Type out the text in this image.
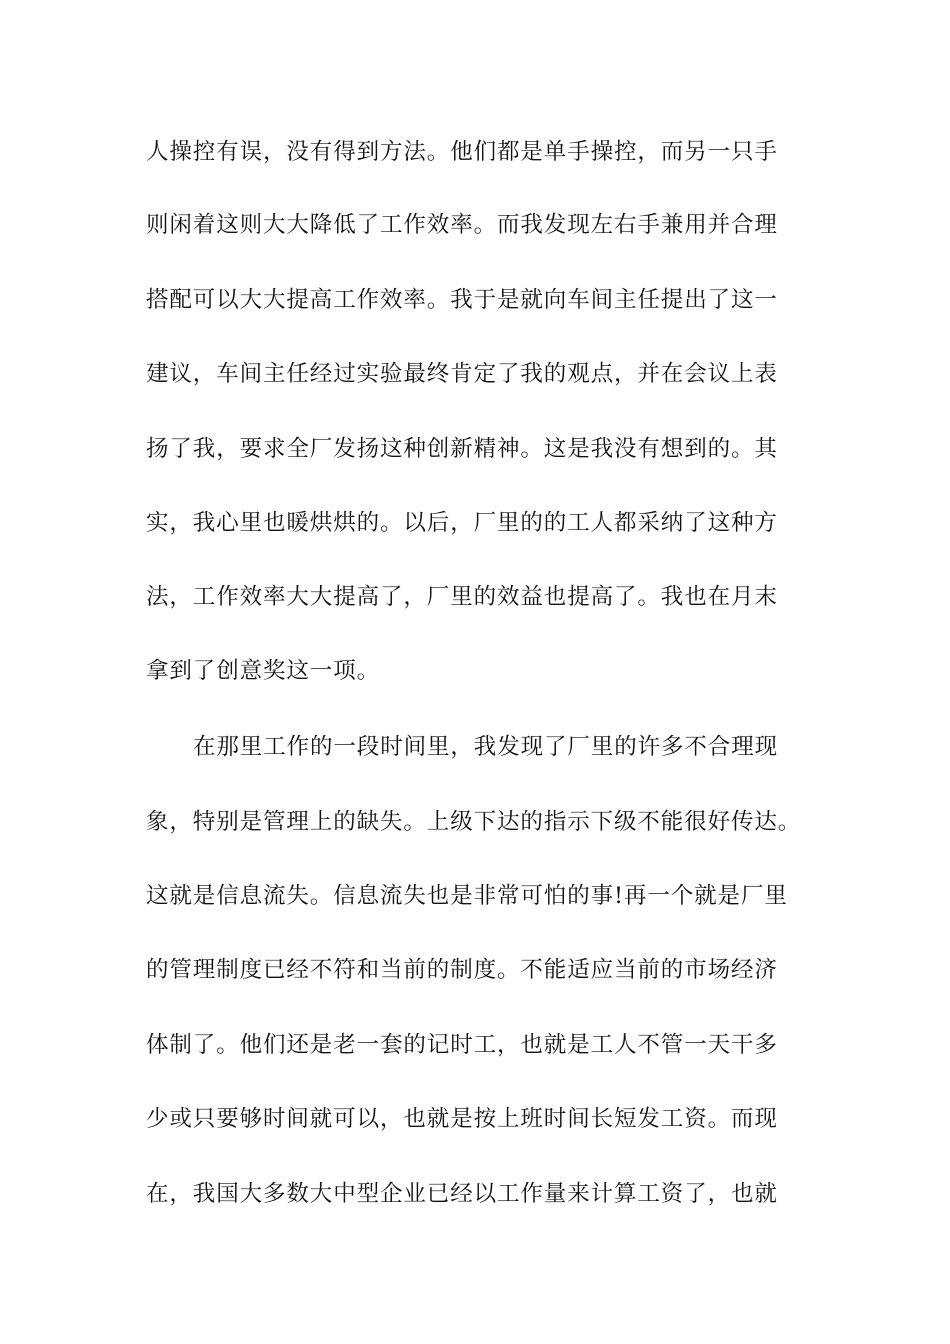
人操控有误，没有得到方法。他们都是单手操控，而另一只手
则闲着这则大大降低了工作效率。而我发现左右手兼用并合理
搭配可以大大提高工作效率。我于是就向车间主任提出了这一
建议，车间主任经过实验最终肯定了我的观点，并在会议上表
扬了我，要求全厂发扬这种创新精神。这是我没有想到的。其
实，我心里也暖烘烘的。以后，厂里的的工人都采纳了这种方
法，工作效率大大提高了，厂里的效益也提高了。我也在月末
拿到了创意奖这一项。
在那里工作的一段时间里，我发现了厂里的许多不合理现
象，特别是管理上的缺失。上级下达的指示下级不能很好传达。
这就是信息流失。信息流失也是非常可怕的事!再一个就是厂里
的管理制度已经不符和当前的制度。不能适应当前的市场经济
体制了。他们还是老一套的记时工，也就是工人不管一天干多
少或只要够时间就可以，也就是按上班时间长短发工资。而现
在，我国大多数大中型企业已经以工作量来计算工资了，也就
